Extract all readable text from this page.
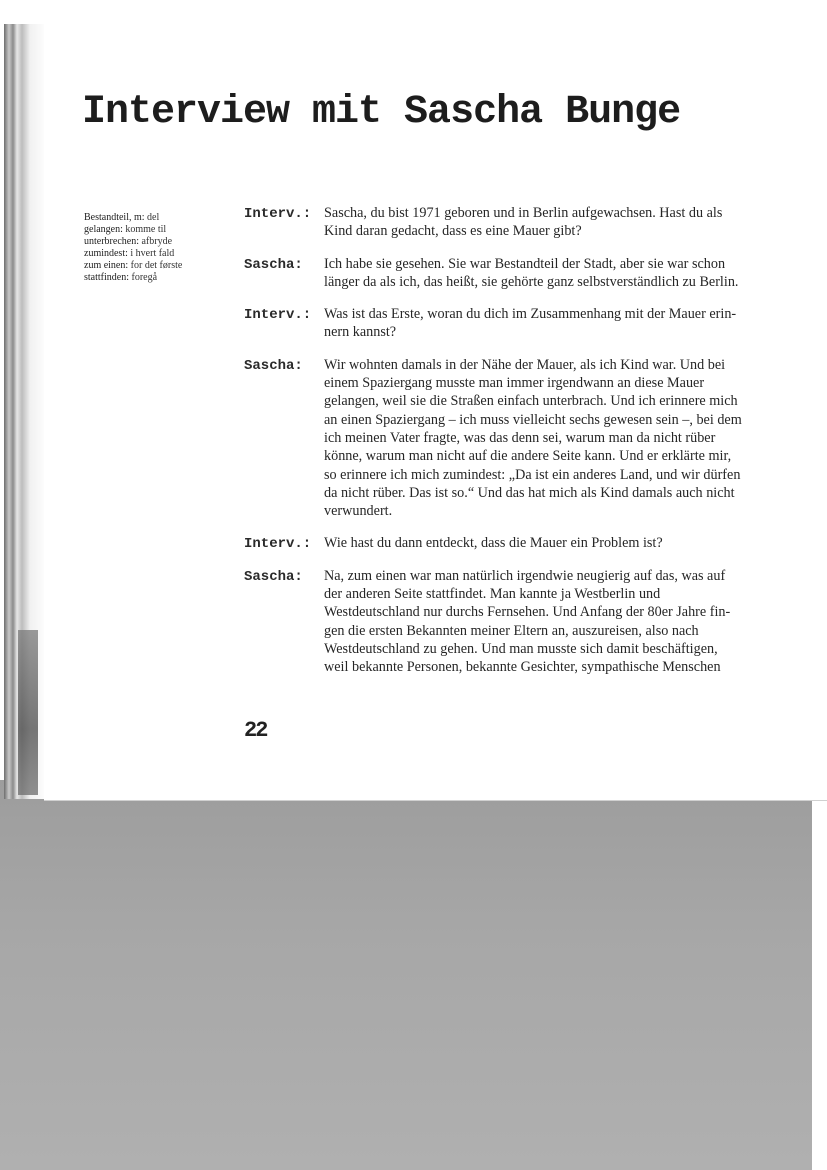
Interview mit Sascha Bunge
Bestandteil, m: del
gelangen: komme til
unterbrechen: afbryde
zumindest: i hvert fald
zum einen: for det første
stattfinden: foregå
Interv.: Sascha, du bist 1971 geboren und in Berlin aufgewachsen. Hast du als
Kind daran gedacht, dass es eine Mauer gibt?
Sascha:	Ich habe sie gesehen. Sie war Bestandteil der Stadt, aber sie war schon
länger da als ich, das heißt, sie gehörte ganz selbstverständlich zu Berlin.
Interv.: Was ist das Erste, woran du dich im Zusammenhang mit der Mauer erin-
nern kannst?
Sascha:	Wir wohnten damals in der Nähe der Mauer, als ich Kind war. Und bei
einem Spaziergang musste man immer irgendwann an diese Mauer
gelangen, weil sie die Straßen einfach unterbrach. Und ich erinnere mich
an einen Spaziergang – ich muss vielleicht sechs gewesen sein –, bei dem
ich meinen Vater fragte, was das denn sei, warum man da nicht rüber
könne, warum man nicht auf die andere Seite kann. Und er erklärte mir,
so erinnere ich mich zumindest: „Da ist ein anderes Land, und wir dürfen
da nicht rüber. Das ist so.“ Und das hat mich als Kind damals auch nicht
verwundert.
Interv.: Wie hast du dann entdeckt, dass die Mauer ein Problem ist?
Sascha:	Na, zum einen war man natürlich irgendwie neugierig auf das, was auf
der anderen Seite stattfindet. Man kannte ja Westberlin und
Westdeutschland nur durchs Fernsehen. Und Anfang der 80er Jahre fin-
gen die ersten Bekannten meiner Eltern an, auszureisen, also nach
Westdeutschland zu gehen. Und man musste sich damit beschäftigen,
weil bekannte Personen, bekannte Gesichter, sympathische Menschen
22
